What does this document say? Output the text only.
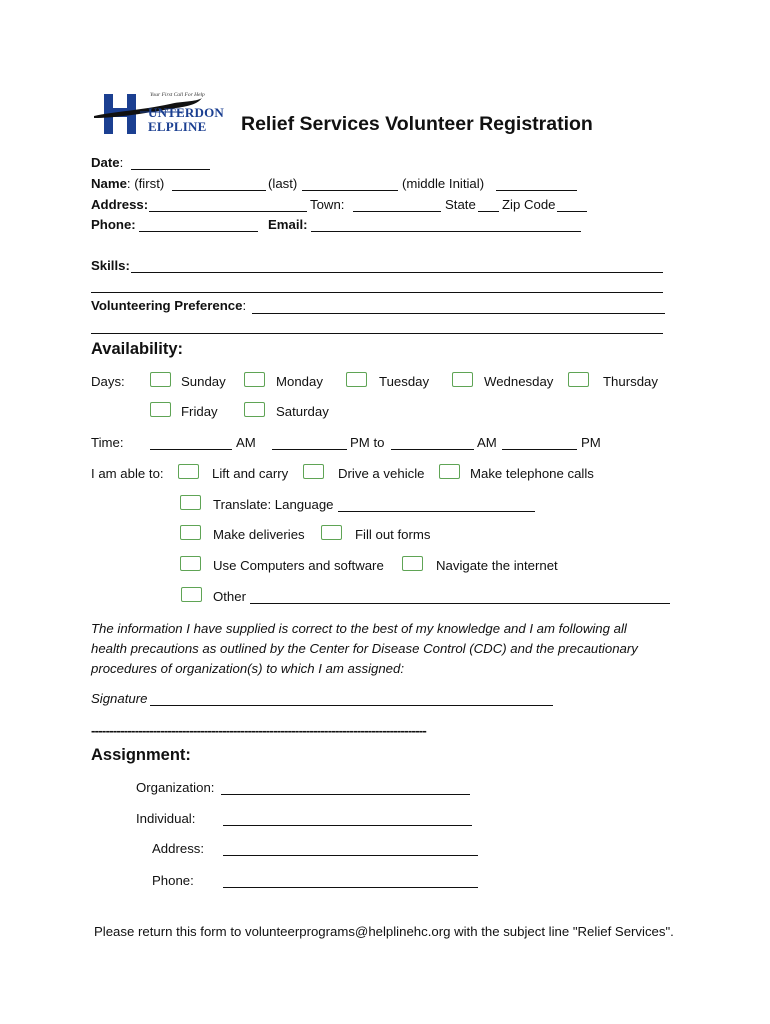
Your First Call For Help
UNTERDON
ELPLINE Relief Services Volunteer Registration
Date:
Name: (first)	(last)	(middle Initial)
Address:	Town:	State Zip Code
Phone:	Email:
Skills:
Volunteering Preference:
Availability:
Days:	Sunday	Monday	Tuesday	Wednesday	Thursday
Friday	Saturday
Time:	AM	PM to	AM	PM
I am able to:	Lift and carry	Drive a vehicle	Make telephone calls
Translate: Language
Make deliveries	Fill out forms
Use Computers and software	Navigate the internet
Other
The information I have supplied is correct to the best of my knowledge and I am following all
health precautions as outlined by the Center for Disease Control (CDC) and the precautionary
procedures of organization(s) to which I am assigned:
Signature
--------------------------------------------------------------------------------------------
Assignment:
Organization:
Individual:
Address:
Phone:
Please return this form to volunteerprograms@helplinehc.org with the subject line "Relief Services".
